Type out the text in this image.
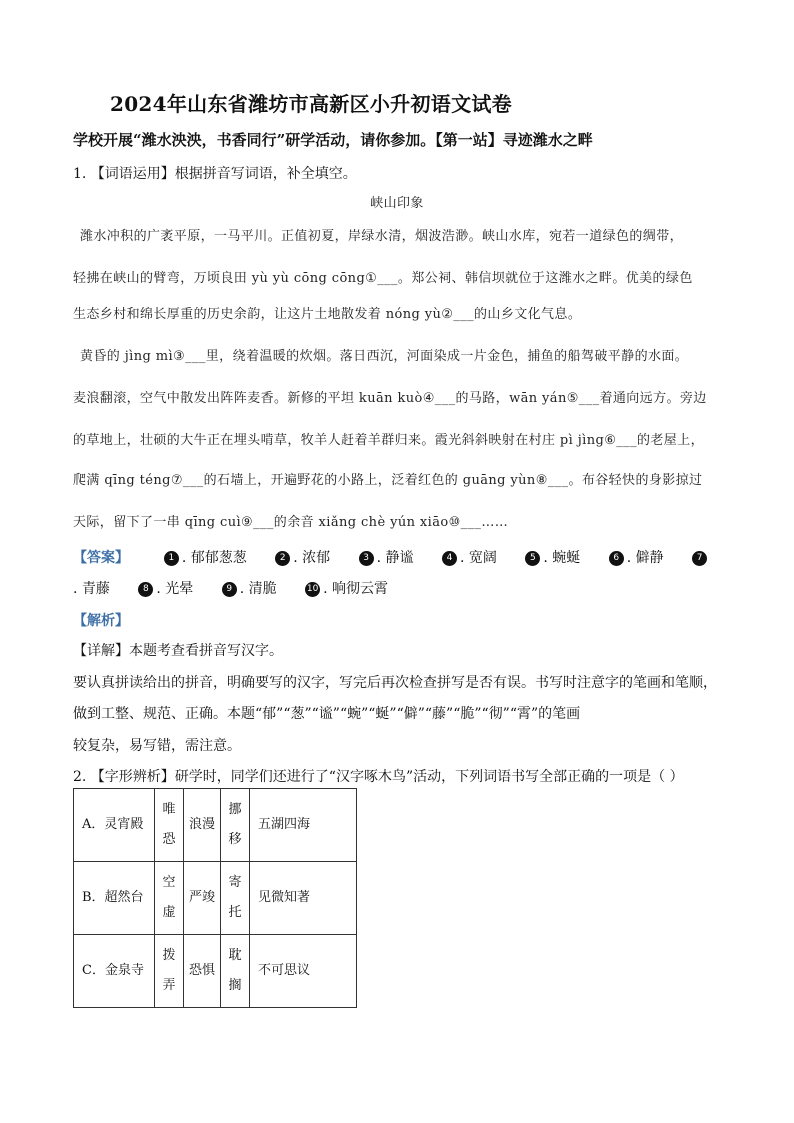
2024年山东省潍坊市高新区小升初语文试卷
学校开展“潍水泱泱，书香同行”研学活动，请你参加。【第一站】寻迹潍水之畔
1. 【词语运用】根据拼音写词语，补全填空。
峡山印象
潍水冲积的广袤平原，一马平川。正值初夏，岸绿水清，烟波浩渺。峡山水库，宛若一道绿色的绸带，
轻拂在峡山的臂弯，万顷良田 yù yù cōng cōng①___。郑公祠、韩信坝就位于这潍水之畔。优美的绿色
生态乡村和绵长厚重的历史余韵，让这片土地散发着 nóng yù②___的山乡文化气息。
黄昏的 jìng mì③___里，绕着温暖的炊烟。落日西沉，河面染成一片金色，捕鱼的船驾破平静的水面。
麦浪翻滚，空气中散发出阵阵麦香。新修的平坦 kuān kuò④___的马路，wān yán⑤___着通向远方。旁边
的草地上，壮硕的大牛正在埋头啃草，牧羊人赶着羊群归来。霞光斜斜映射在村庄 pì jìng⑥___的老屋上，
爬满 qīng téng⑦___的石墙上，开遍野花的小路上，泛着红色的 guāng yùn⑧___。布谷轻快的身影掠过
天际，留下了一串 qīng cuì⑨___的余音 xiǎng chè yún xiāo⑩___……
【答案】	1 . 郁郁葱葱	2 . 浓郁	3 . 静谧	4 . 宽阔	5 . 蜿蜒	6 . 僻静	7
. 青藤	8 . 光晕	9 . 清脆	10 . 响彻云霄
【解析】
【详解】本题考查看拼音写汉字。
要认真拼读给出的拼音，明确要写的汉字，写完后再次检查拼写是否有误。书写时注意字的笔画和笔顺，
做到工整、规范、正确。本题“郁”“葱”“谧”“蜿”“蜒”“僻”“藤”“脆”“彻”“霄”的笔画
较复杂，易写错，需注意。
2. 【字形辨析】研学时，同学们还进行了“汉字啄木鸟”活动，下列词语书写全部正确的一项是（ ）
A．灵宵殿	唯
恐	浪漫	挪
移	五湖四海
B．超然台	空
虚	严竣	寄
托	见微知著
C．金泉寺	拨
弄	恐惧	耽
搁	不可思议
